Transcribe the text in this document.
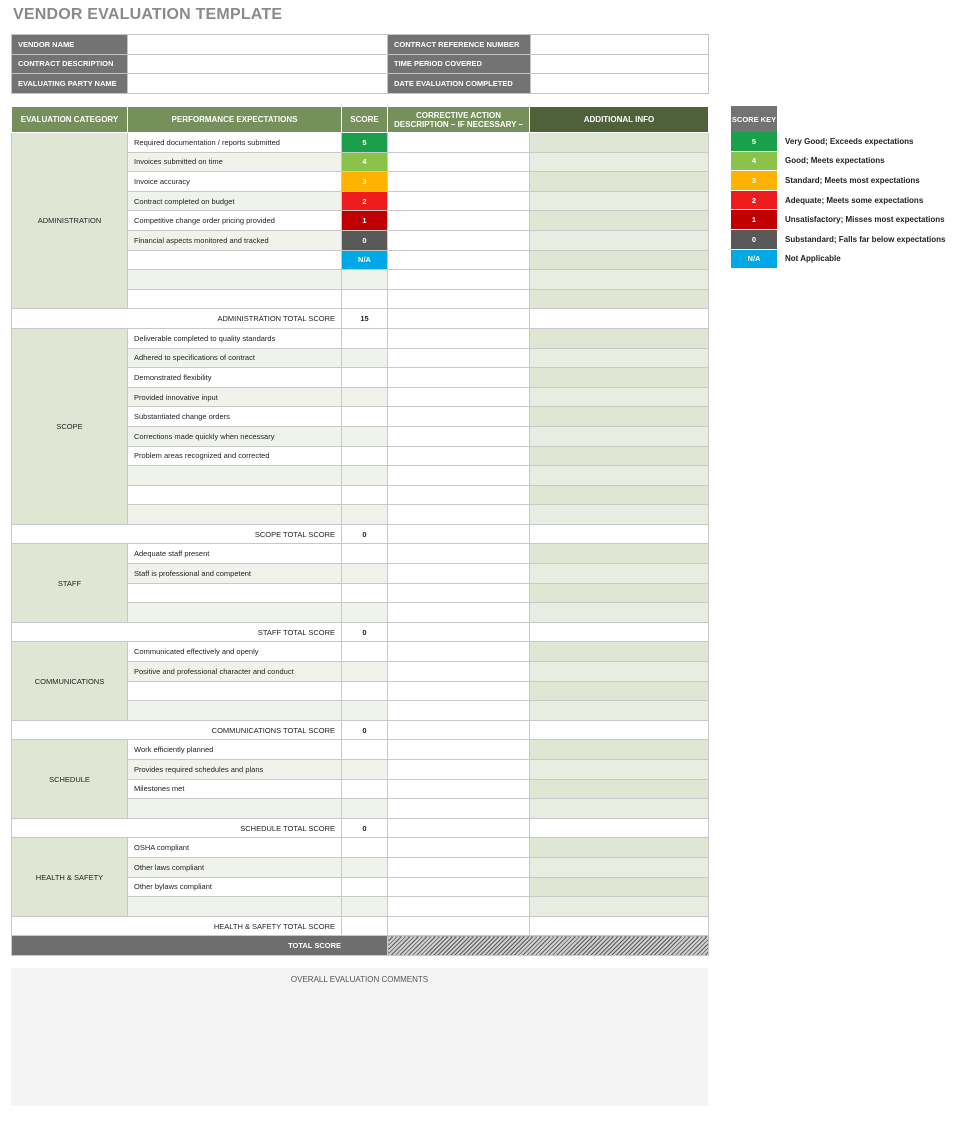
VENDOR EVALUATION TEMPLATE
VENDOR NAME		CONTRACT REFERENCE NUMBER	
CONTRACT DESCRIPTION		TIME PERIOD COVERED	
EVALUATING PARTY NAME		DATE EVALUATION COMPLETED	
EVALUATION CATEGORY	PERFORMANCE EXPECTATIONS	SCORE	CORRECTIVE ACTION DESCRIPTION – IF NECESSARY –	ADDITIONAL INFO
ADMINISTRATION	Required documentation / reports submitted	5		
	Invoices submitted on time	4		
	Invoice accuracy	3		
	Contract completed on budget	2		
	Competitive change order pricing provided	1		
	Financial aspects monitored and tracked	0		
		N/A		

ADMINISTRATION TOTAL SCORE		15		
SCOPE	Deliverable completed to quality standards			
	Adhered to specifications of contract			
	Demonstrated flexibility			
	Provided innovative input			
	Substantiated change orders			
	Corrections made quickly when necessary			
	Problem areas recognized and corrected			

SCOPE TOTAL SCORE		0		
STAFF	Adequate staff present			
	Staff is professional and competent			

STAFF TOTAL SCORE		0		
COMMUNICATIONS	Communicated effectively and openly			
	Positive and professional character and conduct			

COMMUNICATIONS TOTAL SCORE		0		
SCHEDULE	Work efficiently planned			
	Provides required schedules and plans			
	Milestones met			

SCHEDULE TOTAL SCORE		0		
HEALTH & SAFETY	OSHA compliant			
	Other laws compliant			
	Other bylaws compliant			

HEALTH & SAFETY TOTAL SCORE				
TOTAL SCORE				
SCORE KEY
5	Very Good; Exceeds expectations
4	Good; Meets expectations
3	Standard; Meets most expectations
2	Adequate; Meets some expectations
1	Unsatisfactory; Misses most expectations
0	Substandard; Falls far below expectations
N/A	Not Applicable
OVERALL EVALUATION COMMENTS
